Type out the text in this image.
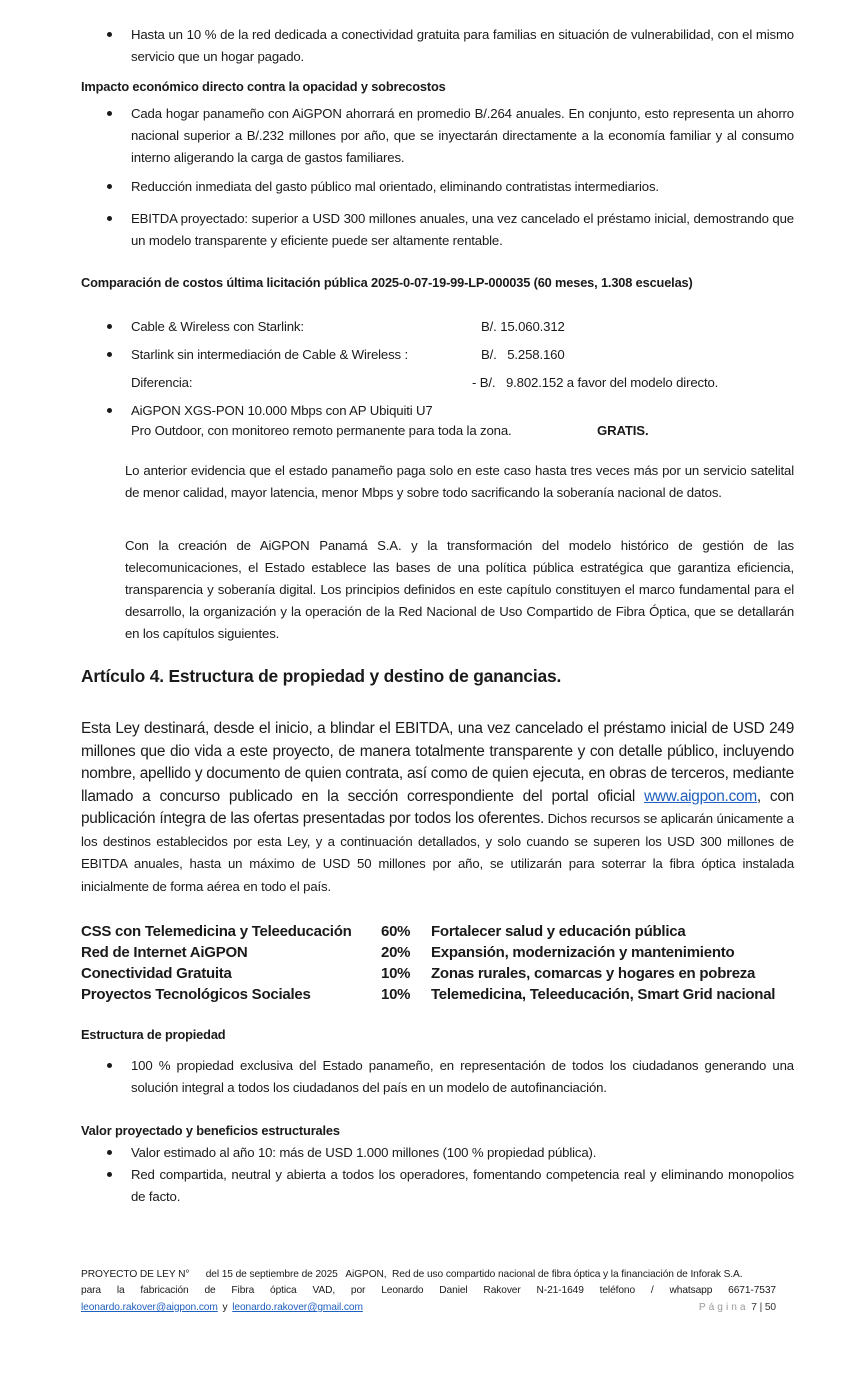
Hasta un 10 % de la red dedicada a conectividad gratuita para familias en situación de vulnerabilidad, con el mismo servicio que un hogar pagado.
Impacto económico directo contra la opacidad y sobrecostos
Cada hogar panameño con AiGPON ahorrará en promedio B/.264 anuales. En conjunto, esto representa un ahorro nacional superior a B/.232 millones por año, que se inyectarán directamente a la economía familiar y al consumo interno aligerando la carga de gastos familiares.
Reducción inmediata del gasto público mal orientado, eliminando contratistas intermediarios.
EBITDA proyectado: superior a USD 300 millones anuales, una vez cancelado el préstamo inicial, demostrando que un modelo transparente y eficiente puede ser altamente rentable.
Comparación de costos última licitación pública 2025-0-07-19-99-LP-000035 (60 meses, 1.308 escuelas)
Cable & Wireless con Starlink:	B/. 15.060.312
Starlink sin intermediación de Cable & Wireless :	B/.   5.258.160
Diferencia:	- B/.   9.802.152 a favor del modelo directo.
AiGPON XGS-PON 10.000 Mbps con AP Ubiquiti U7
Pro Outdoor, con monitoreo remoto permanente para toda la zona.	GRATIS.
Lo anterior evidencia que el estado panameño paga solo en este caso hasta tres veces más por un servicio satelital de menor calidad, mayor latencia, menor Mbps y sobre todo sacrificando la soberanía nacional de datos.
Con la creación de AiGPON Panamá S.A. y la transformación del modelo histórico de gestión de las telecomunicaciones, el Estado establece las bases de una política pública estratégica que garantiza eficiencia, transparencia y soberanía digital. Los principios definidos en este capítulo constituyen el marco fundamental para el desarrollo, la organización y la operación de la Red Nacional de Uso Compartido de Fibra Óptica, que se detallarán en los capítulos siguientes.
Artículo 4. Estructura de propiedad y destino de ganancias.
Esta Ley destinará, desde el inicio, a blindar el EBITDA, una vez cancelado el préstamo inicial de USD 249 millones que dio vida a este proyecto, de manera totalmente transparente y con detalle público, incluyendo nombre, apellido y documento de quien contrata, así como de quien ejecuta, en obras de terceros, mediante llamado a concurso publicado en la sección correspondiente del portal oficial www.aigpon.com, con publicación íntegra de las ofertas presentadas por todos los oferentes. Dichos recursos se aplicarán únicamente a los destinos establecidos por esta Ley, y a continuación detallados, y solo cuando se superen los USD 300 millones de EBITDA anuales, hasta un máximo de USD 50 millones por año, se utilizarán para soterrar la fibra óptica instalada inicialmente de forma aérea en todo el país.
CSS con Telemedicina y Teleeducación 60% Fortalecer salud y educación pública
Red de Internet AiGPON	20% Expansión, modernización y mantenimiento
Conectividad Gratuita	10% Zonas rurales, comarcas y hogares en pobreza
Proyectos Tecnológicos Sociales	10% Telemedicina, Teleeducación, Smart Grid nacional
Estructura de propiedad
100 % propiedad exclusiva del Estado panameño, en representación de todos los ciudadanos generando una solución integral a todos los ciudadanos del país en un modelo de autofinanciación.
Valor proyectado y beneficios estructurales
Valor estimado al año 10: más de USD 1.000 millones (100 % propiedad pública).
Red compartida, neutral y abierta a todos los operadores, fomentando competencia real y eliminando monopolios de facto.
PROYECTO DE LEY N°      del 15 de septiembre de 2025   AiGPON,  Red de uso compartido nacional de fibra óptica y la financiación de Inforak S.A.
para la fabricación de Fibra óptica VAD, por Leonardo Daniel Rakover N-21-1649 teléfono / whatsapp 6671-7537
leonardo.rakover@aigpon.com y leonardo.rakover@gmail.com	Página 7 | 50
